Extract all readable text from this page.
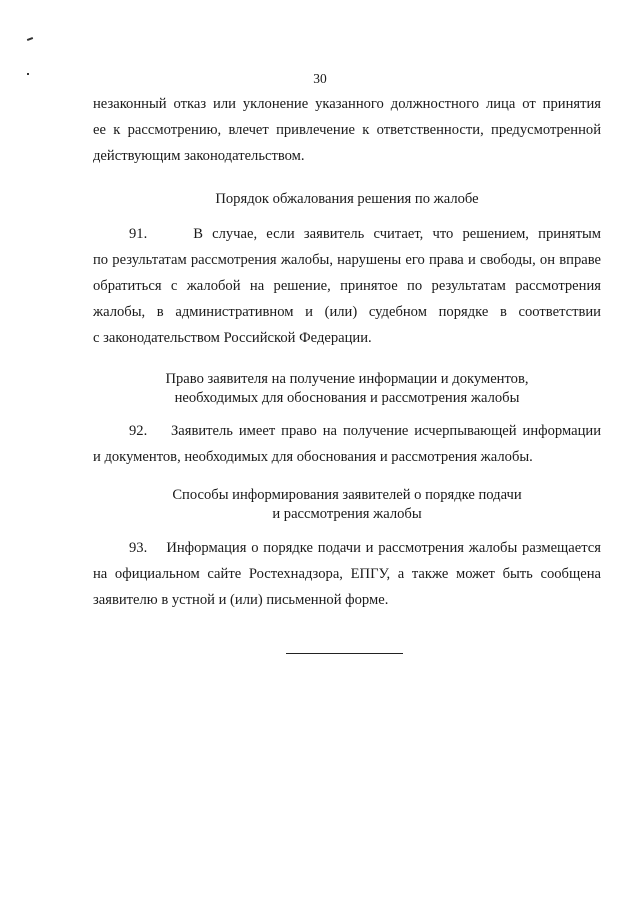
30
незаконный отказ или уклонение указанного должностного лица от принятия
ее к рассмотрению, влечет привлечение к ответственности, предусмотренной
действующим законодательством.
Порядок обжалования решения по жалобе
91.	В случае, если заявитель считает, что решением, принятым
по результатам рассмотрения жалобы, нарушены его права и свободы, он вправе
обратиться с жалобой на решение, принятое по результатам рассмотрения
жалобы, в административном и (или) судебном порядке в соответствии
с законодательством Российской Федерации.
Право заявителя на получение информации и документов,
необходимых для обоснования и рассмотрения жалобы
92. Заявитель имеет право на получение исчерпывающей информации
и документов, необходимых для обоснования и рассмотрения жалобы.
Способы информирования заявителей о порядке подачи
и рассмотрения жалобы
93. Информация о порядке подачи и рассмотрения жалобы размещается
на официальном сайте Ростехнадзора, ЕПГУ, а также может быть сообщена
заявителю в устной и (или) письменной форме.
